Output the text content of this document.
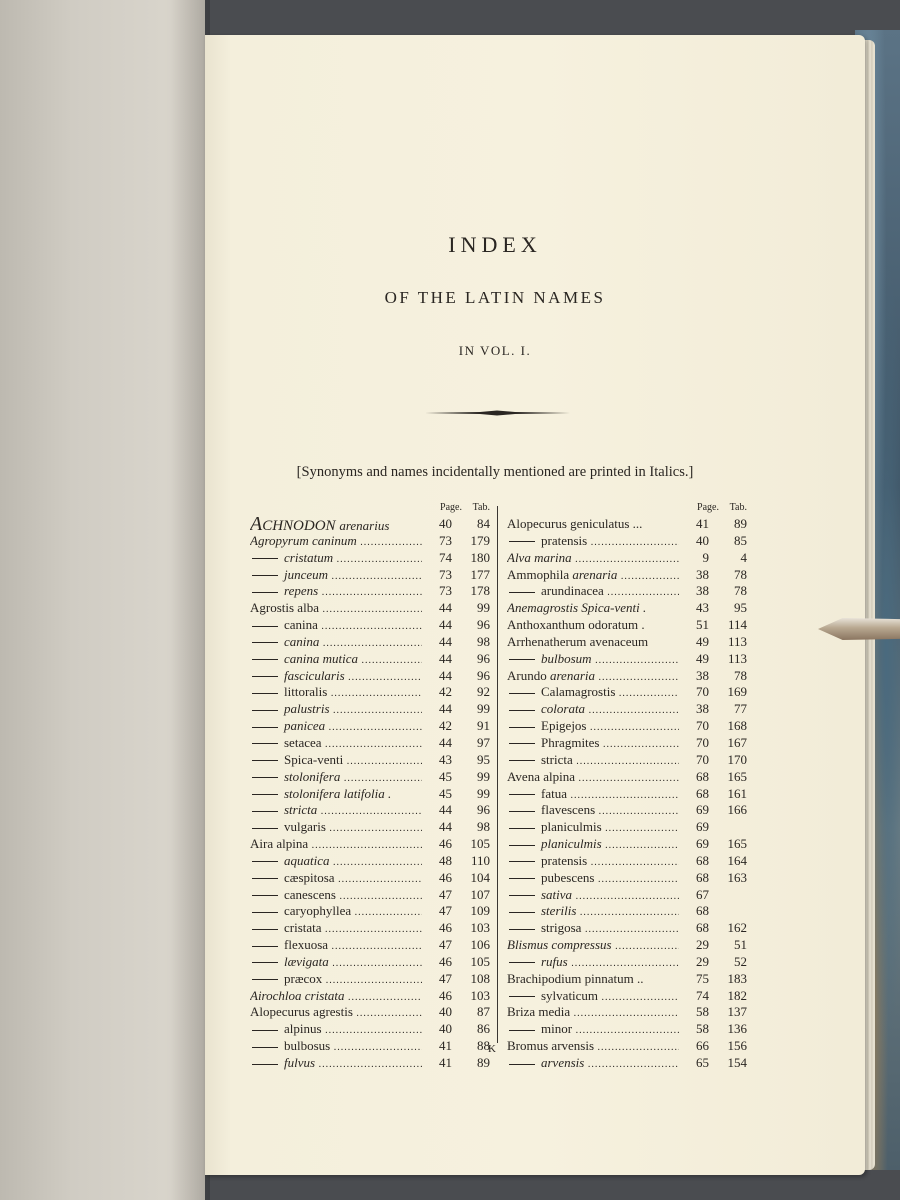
INDEX
OF THE LATIN NAMES
IN VOL. I.
[Synonyms and names incidentally mentioned are printed in Italics.]
Page. Tab.
ACHNODON arenarius	40	84
Agropyrum caninum .....	73	179
cristatum .....	74	180
junceum .....	73	177
repens .....	73	178
Agrostis alba .....	44	99
canina .....	44	96
canina .....	44	98
canina mutica .....	44	96
fascicularis .....	44	96
littoralis .....	42	92
palustris .....	44	99
panicea .....	42	91
setacea .....	44	97
Spica-venti .....	43	95
stolonifera .....	45	99
stolonifera latifolia .	45	99
stricta .....	44	96
vulgaris .....	44	98
Aira alpina .....	46	105
aquatica .....	48	110
cæspitosa .....	46	104
canescens .....	47	107
caryophyllea .....	47	109
cristata .....	46	103
flexuosa .....	47	106
lævigata .....	46	105
præcox .....	47	108
Airochloa cristata .....	46	103
Alopecurus agrestis .....	40	87
alpinus .....	40	86
bulbosus .....	41	88
fulvus .....	41	89
Page. Tab.
Alopecurus geniculatus ...	41	89
pratensis .....	40	85
Alva marina .....	9	4
Ammophila arenaria .....	38	78
arundinacea .....	38	78
Anemagrostis Spica-venti .	43	95
Anthoxanthum odoratum .	51	114
Arrhenatherum avenaceum	49	113
bulbosum .....	49	113
Arundo arenaria .....	38	78
Calamagrostis .....	70	169
colorata .....	38	77
Epigejos .....	70	168
Phragmites .....	70	167
stricta .....	70	170
Avena alpina .....	68	165
fatua .....	68	161
flavescens .....	69	166
planiculmis .....	69
planiculmis .....	69	165
pratensis .....	68	164
pubescens .....	68	163
sativa .....	67
sterilis .....	68
strigosa .....	68	162
Blismus compressus .....	29	51
rufus .....	29	52
Brachipodium pinnatum ..	75	183
sylvaticum .....	74	182
Briza media .....	58	137
minor .....	58	136
Bromus arvensis .....	66	156
arvensis .....	65	154
K
